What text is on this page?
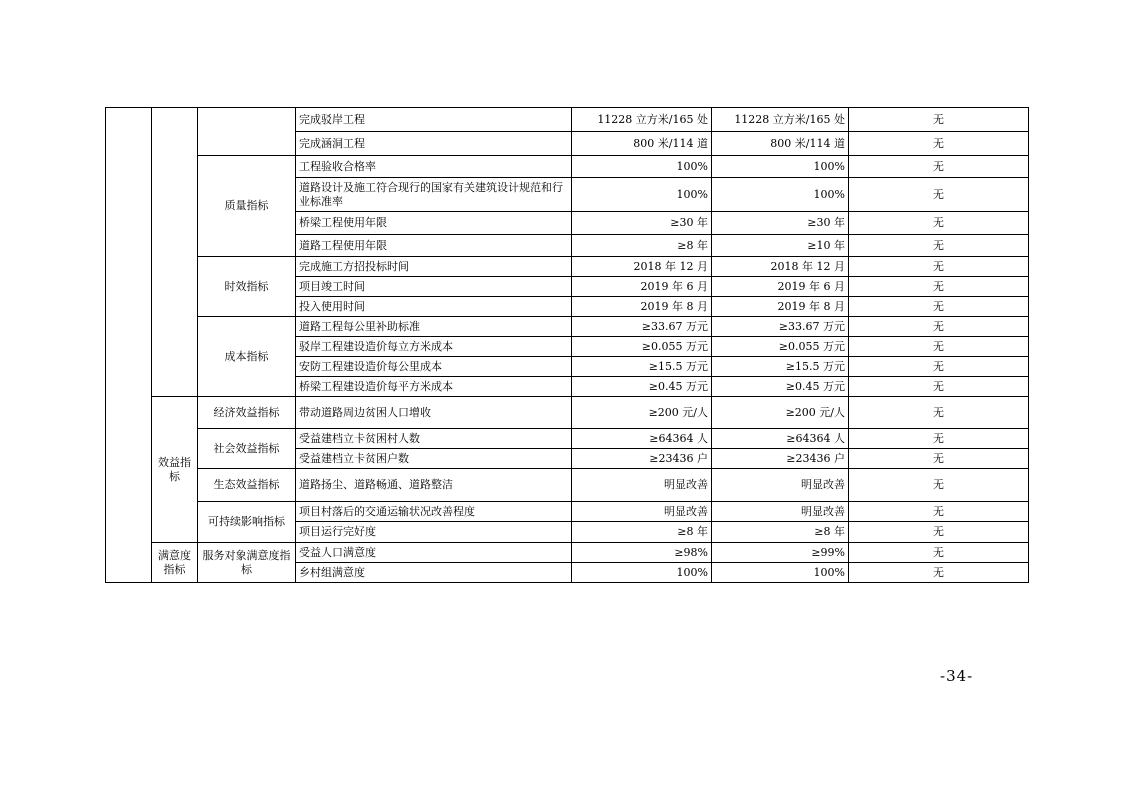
			完成驳岸工程	11228 立方米/165 处	11228 立方米/165 处	无
			完成涵洞工程	800 米/114 道	800 米/114 道	无
		质量指标	工程验收合格率	100%	100%	无
			道路设计及施工符合现行的国家有关建筑设计规范和行业标准率	100%	100%	无
			桥梁工程使用年限	≥30 年	≥30 年	无
			道路工程使用年限	≥8 年	≥10 年	无
		时效指标	完成施工方招投标时间	2018 年 12 月	2018 年 12 月	无
			项目竣工时间	2019 年 6 月	2019 年 6 月	无
			投入使用时间	2019 年 8 月	2019 年 8 月	无
		成本指标	道路工程每公里补助标准	≥33.67 万元	≥33.67 万元	无
			驳岸工程建设造价每立方米成本	≥0.055 万元	≥0.055 万元	无
			安防工程建设造价每公里成本	≥15.5 万元	≥15.5 万元	无
			桥梁工程建设造价每平方米成本	≥0.45 万元	≥0.45 万元	无
	效益指标	经济效益指标	带动道路周边贫困人口增收	≥200 元/人	≥200 元/人	无
		社会效益指标	受益建档立卡贫困村人数	≥64364 人	≥64364 人	无
			受益建档立卡贫困户数	≥23436 户	≥23436 户	无
		生态效益指标	道路扬尘、道路畅通、道路整洁	明显改善	明显改善	无
		可持续影响指标	项目村落后的交通运输状况改善程度	明显改善	明显改善	无
			项目运行完好度	≥8 年	≥8 年	无
	满意度指标	服务对象满意度指标	受益人口满意度	≥98%	≥99%	无
			乡村组满意度	100%	100%	无
-34-
